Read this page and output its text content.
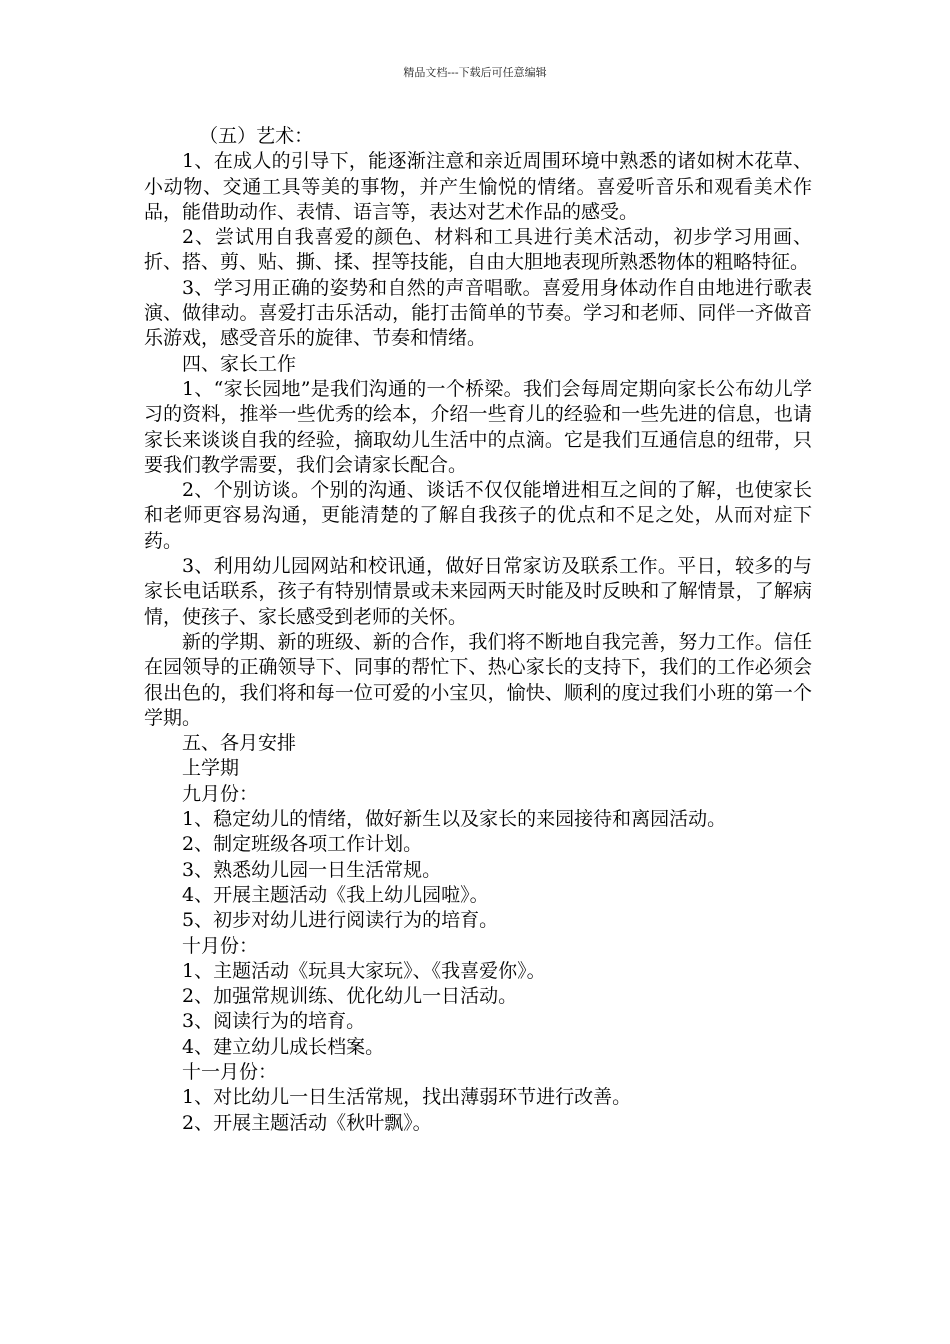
精品文档---下载后可任意编辑

（五）艺术：

1、在成人的引导下，能逐渐注意和亲近周围环境中熟悉的诸如树木花草、小动物、交通工具等美的事物，并产生愉悦的情绪。喜爱听音乐和观看美术作品，能借助动作、表情、语言等，表达对艺术作品的感受。

2、尝试用自我喜爱的颜色、材料和工具进行美术活动，初步学习用画、折、搭、剪、贴、撕、揉、捏等技能，自由大胆地表现所熟悉物体的粗略特征。

3、学习用正确的姿势和自然的声音唱歌。喜爱用身体动作自由地进行歌表演、做律动。喜爱打击乐活动，能打击简单的节奏。学习和老师、同伴一齐做音乐游戏，感受音乐的旋律、节奏和情绪。

四、家长工作

1、“家长园地”是我们沟通的一个桥梁。我们会每周定期向家长公布幼儿学习的资料，推举一些优秀的绘本，介绍一些育儿的经验和一些先进的信息，也请家长来谈谈自我的经验，摘取幼儿生活中的点滴。它是我们互通信息的纽带，只要我们教学需要，我们会请家长配合。

2、个别访谈。个别的沟通、谈话不仅仅能增进相互之间的了解，也使家长和老师更容易沟通，更能清楚的了解自我孩子的优点和不足之处，从而对症下药。

3、利用幼儿园网站和校讯通，做好日常家访及联系工作。平日，较多的与家长电话联系，孩子有特别情景或未来园两天时能及时反映和了解情景，了解病情，使孩子、家长感受到老师的关怀。

新的学期、新的班级、新的合作，我们将不断地自我完善，努力工作。信任在园领导的正确领导下、同事的帮忙下、热心家长的支持下，我们的工作必须会很出色的，我们将和每一位可爱的小宝贝，愉快、顺利的度过我们小班的第一个学期。

五、各月安排

上学期

九月份：

1、稳定幼儿的情绪，做好新生以及家长的来园接待和离园活动。

2、制定班级各项工作计划。

3、熟悉幼儿园一日生活常规。

4、开展主题活动《我上幼儿园啦》。

5、初步对幼儿进行阅读行为的培育。

十月份：

1、主题活动《玩具大家玩》、《我喜爱你》。

2、加强常规训练、优化幼儿一日活动。

3、阅读行为的培育。

4、建立幼儿成长档案。

十一月份：

1、对比幼儿一日生活常规，找出薄弱环节进行改善。

2、开展主题活动《秋叶飘》。
